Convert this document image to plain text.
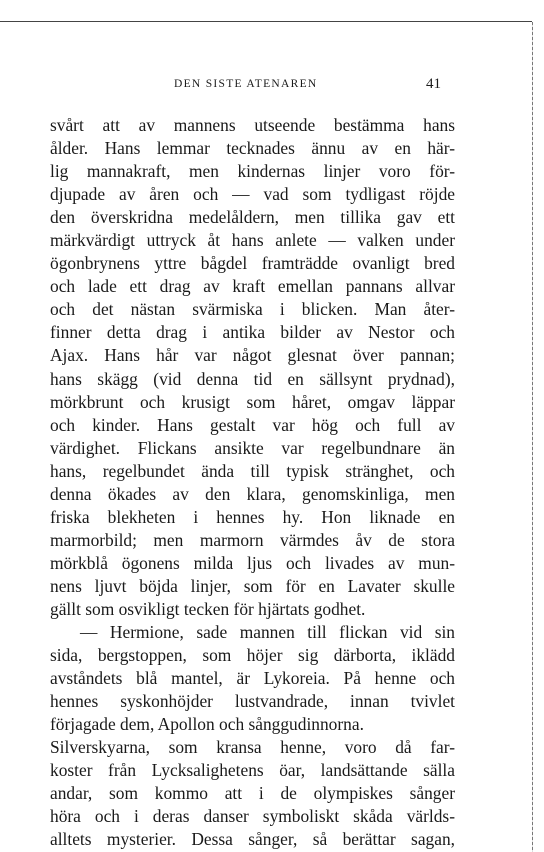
DEN SISTE ATENAREN	41
svårt att av mannens utseende bestämma hans
ålder. Hans lemmar tecknades ännu av en här-
lig mannakraft, men kindernas linjer voro för-
djupade av åren och — vad som tydligast röjde
den överskridna medelåldern, men tillika gav ett
märkvärdigt uttryck åt hans anlete — valken under
ögonbrynens yttre bågdel framträdde ovanligt bred
och lade ett drag av kraft emellan pannans allvar
och det nästan svärmiska i blicken. Man åter-
finner detta drag i antika bilder av Nestor och
Ajax. Hans hår var något glesnat över pannan;
hans skägg (vid denna tid en sällsynt prydnad),
mörkbrunt och krusigt som håret, omgav läppar
och kinder. Hans gestalt var hög och full av
värdighet. Flickans ansikte var regelbundnare än
hans, regelbundet ända till typisk stränghet, och
denna ökades av den klara, genomskinliga, men
friska blekheten i hennes hy. Hon liknade en
marmorbild; men marmorn värmdes åv de stora
mörkblå ögonens milda ljus och livades av mun-
nens ljuvt böjda linjer, som för en Lavater skulle
gällt som osvikligt tecken för hjärtats godhet.
— Hermione, sade mannen till flickan vid sin
sida, bergstoppen, som höjer sig därborta, iklädd
avståndets blå mantel, är Lykoreia. På henne och
hennes syskonhöjder lustvandrade, innan tvivlet
förjagade dem, Apollon och sånggudinnorna.
Silverskyarna, som kransa henne, voro då far-
koster från Lycksalighetens öar, landsättande sälla
andar, som kommo att i de olympiskes sånger
höra och i deras danser symboliskt skåda världs-
alltets mysterier. Dessa sånger, så berättar sagan,
